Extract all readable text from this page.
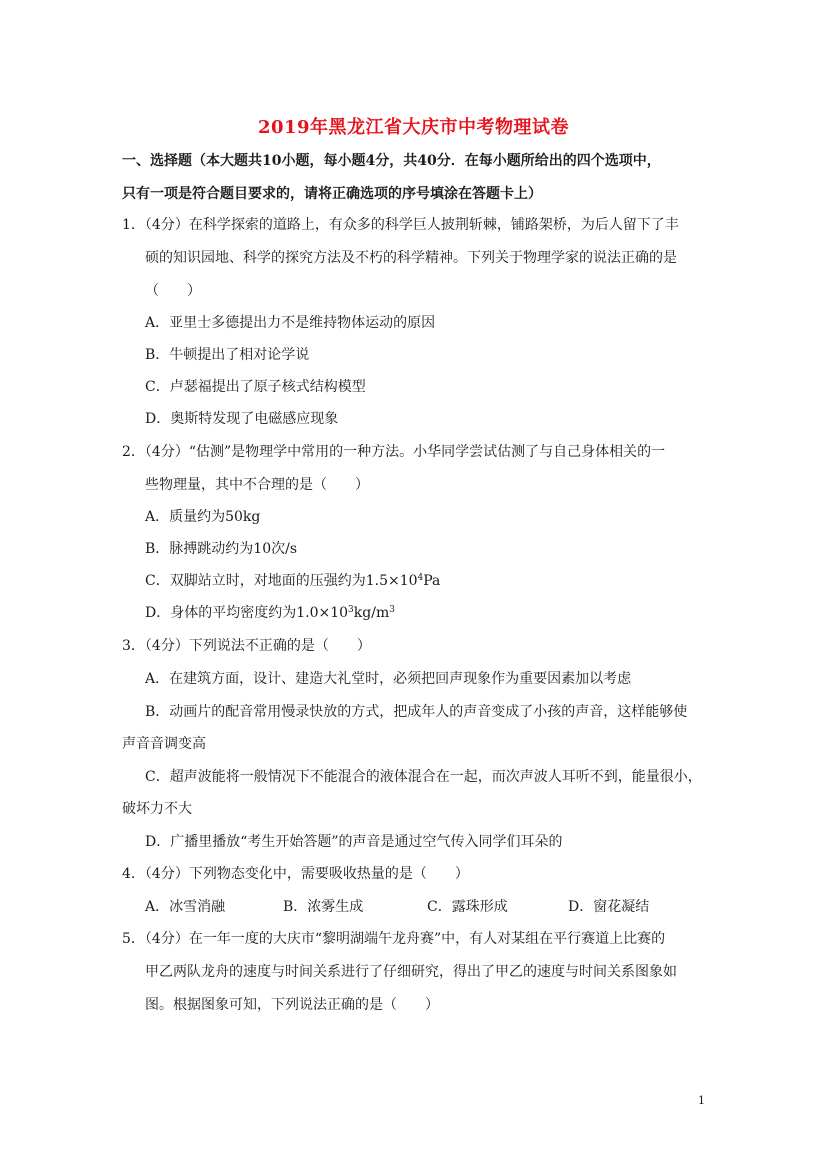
2019年黑龙江省大庆市中考物理试卷
一、选择题（本大题共10小题，每小题4分，共40分．在每小题所给出的四个选项中，
只有一项是符合题目要求的，请将正确选项的序号填涂在答题卡上）
1．（4分）在科学探索的道路上，有众多的科学巨人披荆斩棘，铺路架桥，为后人留下了丰
硕的知识园地、科学的探究方法及不朽的科学精神。下列关于物理学家的说法正确的是
（　　）
A．亚里士多德提出力不是维持物体运动的原因
B．牛顿提出了相对论学说
C．卢瑟福提出了原子核式结构模型
D．奥斯特发现了电磁感应现象
2．（4分）“估测”是物理学中常用的一种方法。小华同学尝试估测了与自己身体相关的一
些物理量，其中不合理的是（　　）
A．质量约为50kg
B．脉搏跳动约为10次/s
C．双脚站立时，对地面的压强约为$1.5\times 10^4Pa$
D．身体的平均密度约为$1.0\times 10^3kg/m^3$
3．（4分）下列说法不正确的是（　　）
A．在建筑方面，设计、建造大礼堂时，必须把回声现象作为重要因素加以考虑
B．动画片的配音常用慢录快放的方式，把成年人的声音变成了小孩的声音，这样能够使
声音音调变高
C．超声波能将一般情况下不能混合的液体混合在一起，而次声波人耳听不到，能量很小，
破坏力不大
D．广播里播放“考生开始答题”的声音是通过空气传入同学们耳朵的
4．（4分）下列物态变化中，需要吸收热量的是（　　）
A．冰雪消融	B．浓雾生成	C．露珠形成	D．窗花凝结
5．（4分）在一年一度的大庆市“黎明湖端午龙舟赛”中，有人对某组在平行赛道上比赛的
甲乙两队龙舟的速度与时间关系进行了仔细研究，得出了甲乙的速度与时间关系图象如
图。根据图象可知，下列说法正确的是（　　）
1
